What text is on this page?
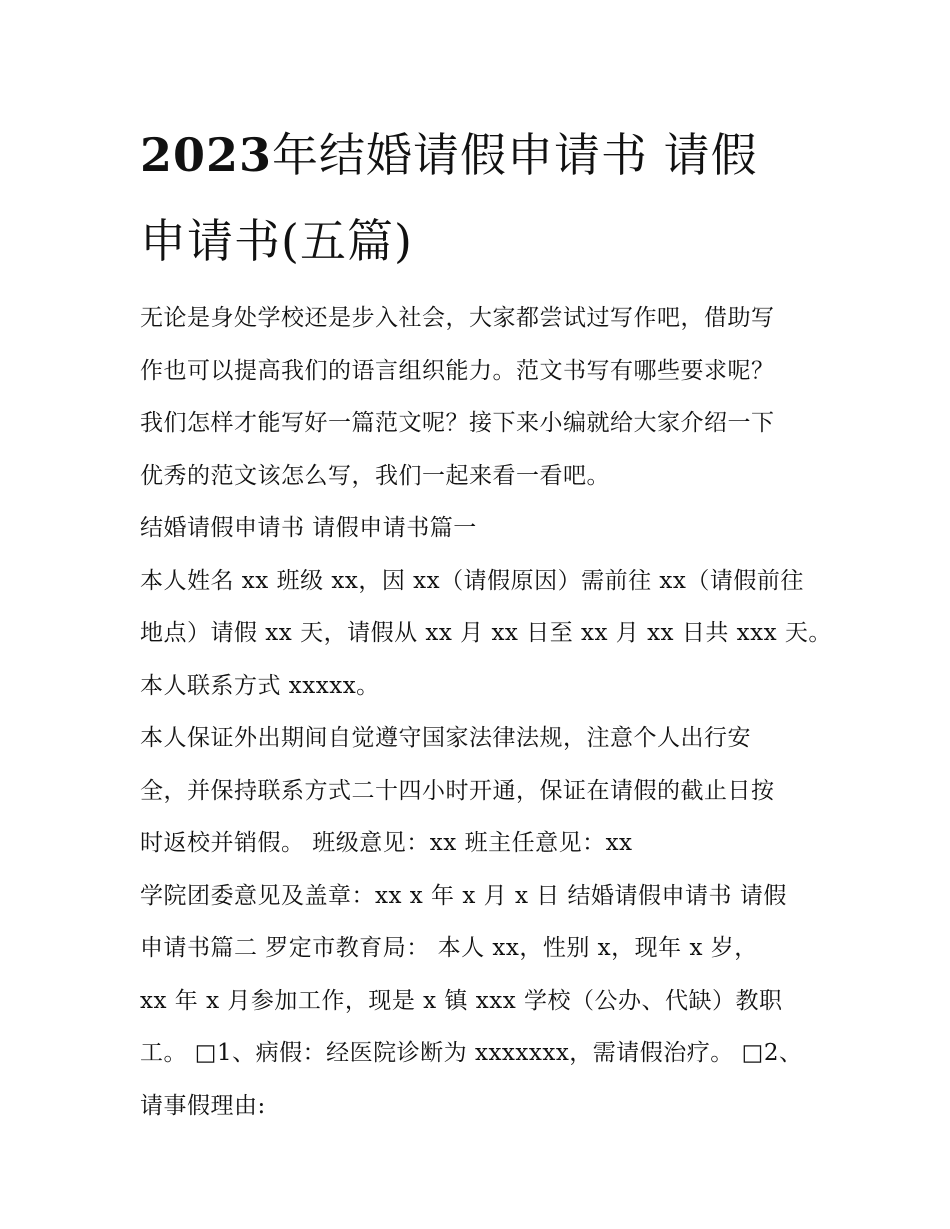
2023年结婚请假申请书 请假
申请书(五篇)
无论是身处学校还是步入社会，大家都尝试过写作吧，借助写
作也可以提高我们的语言组织能力。范文书写有哪些要求呢？
我们怎样才能写好一篇范文呢？接下来小编就给大家介绍一下
优秀的范文该怎么写，我们一起来看一看吧。
结婚请假申请书 请假申请书篇一
本人姓名 xx 班级 xx，因 xx（请假原因）需前往 xx（请假前往
地点）请假 xx 天，请假从 xx 月 xx 日至 xx 月 xx 日共 xxx 天。
本人联系方式 xxxxx。
本人保证外出期间自觉遵守国家法律法规，注意个人出行安
全，并保持联系方式二十四小时开通，保证在请假的截止日按
时返校并销假。 班级意见：xx 班主任意见：xx
学院团委意见及盖章：xx x 年 x 月 x 日 结婚请假申请书 请假
申请书篇二 罗定市教育局： 本人 xx，性别 x，现年 x 岁，
xx 年 x 月参加工作，现是 x 镇 xxx 学校（公办、代缺）教职
工。 □1、病假：经医院诊断为 xxxxxxx，需请假治疗。 □2、
请事假理由:
